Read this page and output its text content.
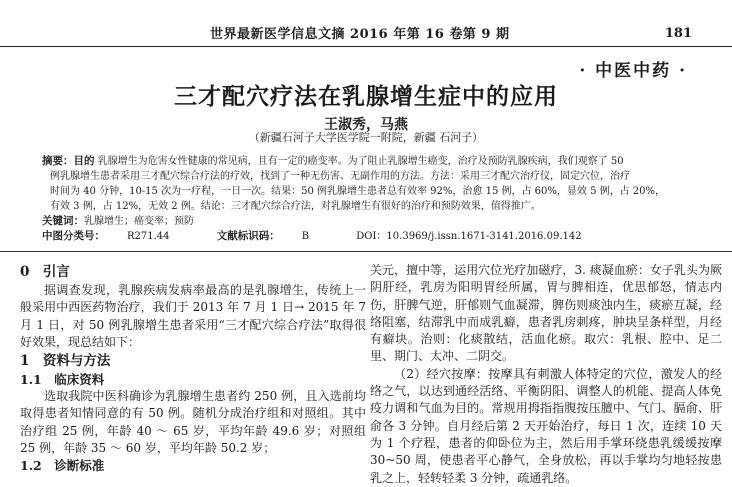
世界最新医学信息文摘 2016 年第 16 卷第 9 期	181
· 中医中药 ·
三才配穴疗法在乳腺增生症中的应用
王淑秀，马燕
（新疆石河子大学医学院一附院，新疆 石河子）
摘要：目的 乳腺增生为危害女性健康的常见病，且有一定的癌变率。为了阻止乳腺增生癌变，治疗及预防乳腺疾病，我们观察了 50
例乳腺增生患者采用三才配穴综合疗法的疗效，找到了一种无伤害、无副作用的方法。方法：采用三才配穴治疗仪，固定穴位，治疗
时间为 40 分钟，10-15 次为一疗程，一日一次。结果：50 例乳腺增生患者总有效率 92%，治愈 15 例，占 60%，显效 5 例，占 20%，
有效 3 例，占 12%，无效 2 例。结论：三才配穴综合疗法，对乳腺增生有很好的治疗和预防效果，值得推广。
关键词：乳腺增生；癌变率；预防
中图分类号： R271.44	文献标识码： B	DOI：10.3969/j.issn.1671-3141.2016.09.142

0　引言

据调查发现，乳腺疾病发病率最高的是乳腺增生，传统上一般采用中西医药物治疗，我们于 2013 年 7 月 1 日→ 2015 年 7 月 1 日，对 50 例乳腺增生患者采用“三才配穴综合疗法”取得很好效果，现总结如下：

1　资料与方法

1.1　临床资料

选取我院中医科确诊为乳腺增生患者约 250 例，且入选前均取得患者知情同意的有 50 例。随机分成治疗组和对照组。其中治疗组 25 例，年龄 40 ～ 65 岁，平均年龄 49.6 岁；对照组 25 例，年龄 35 ～ 60 岁，平均年龄 50.2 岁；

1.2　诊断标准

关元，擅中等，运用穴位光疗加磁疗，3. 痰凝血瘀：女子乳头为厥阴肝经，乳房为阳明胃经所属，胃与脾相连，优思郁怒，情志内伤，肝脾气逆，肝郁则气血凝滞，脾伤则痰浊内生，痰瘀互凝，经络阻塞，结滞乳中而成乳癖，患者乳房刺疼，肿块呈条样型，月经有癖块。治则：化痰散结，活血化瘀。取穴：乳根、腔中、足二里、期门、太冲、二阴交。

（2）经穴按摩：按摩具有刺激人体特定的穴位，激发人的经络之气，以达到通经活络、平衡阴阳、调整人的机能、提高人体免疫力调和气血为目的。常规用拇指指腹按压膻中、气门、膈俞、肝俞各 3 分钟。自月经后第 2 天开始治疗，每日 1 次，连续 10 天为 1 个疗程，患者的仰卧位为主，然后用手掌环绕患乳缓缓按摩 30~50 周，使患者平心静气，全身放松，再以手掌均匀地轻按患乳之上，轻转轻柔 3 分钟，疏通乳络。
